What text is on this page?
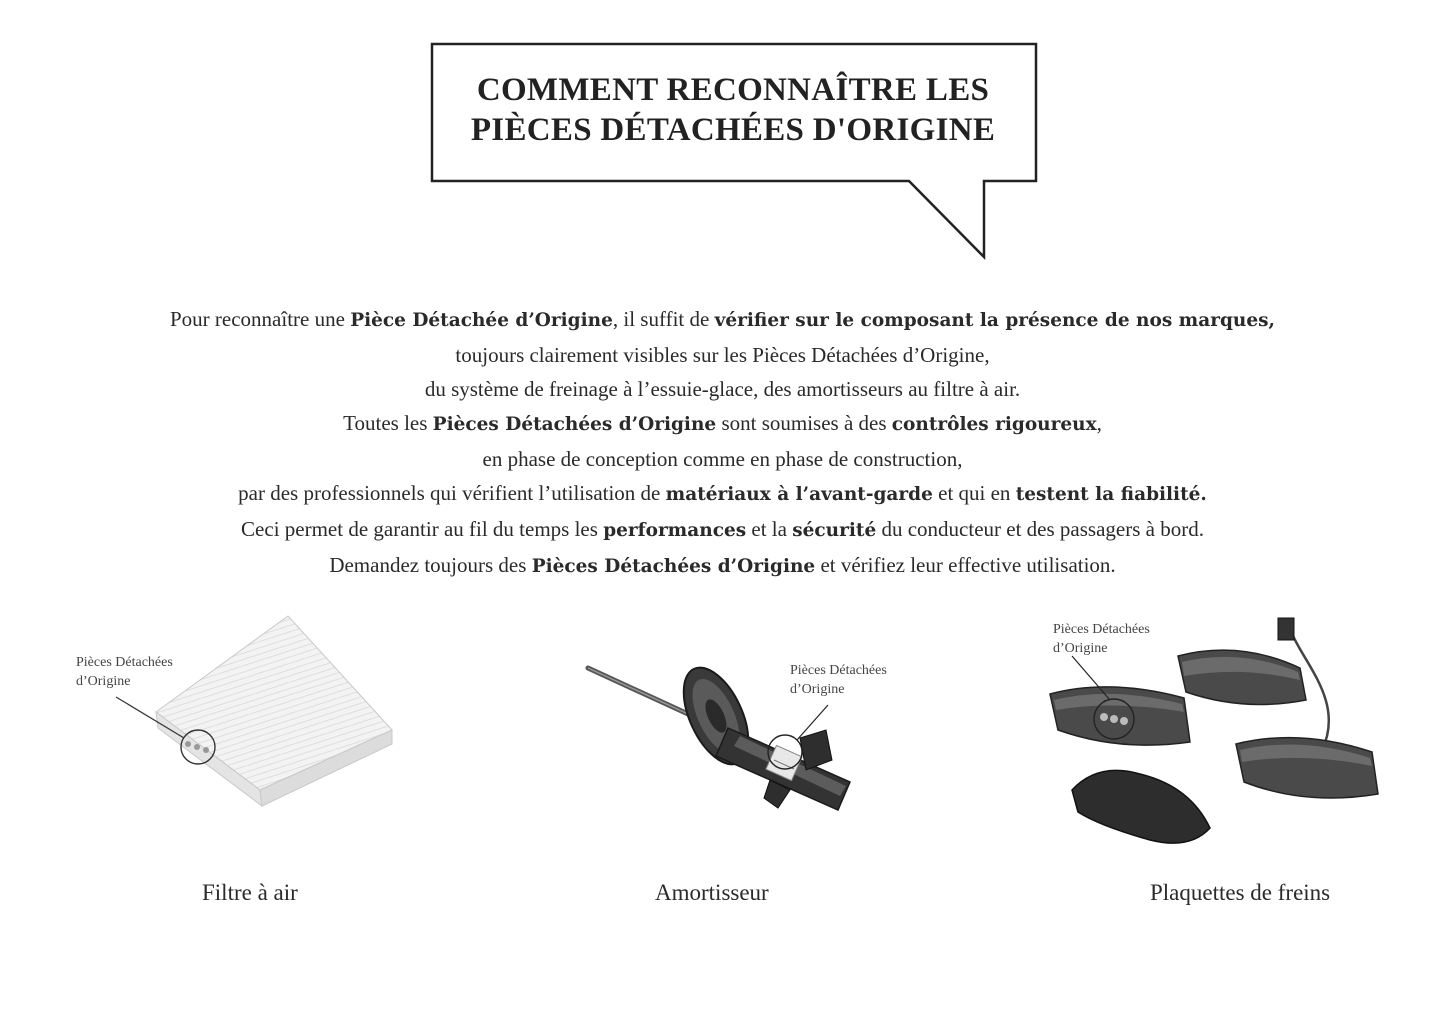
COMMENT RECONNAÎTRE LES
PIÈCES DÉTACHÉES D'ORIGINE
Pour reconnaître une Pièce Détachée d’Origine, il suffit de vérifier sur le composant la présence de nos marques,
toujours clairement visibles sur les Pièces Détachées d’Origine,
du système de freinage à l’essuie-glace, des amortisseurs au filtre à air.
Toutes les Pièces Détachées d’Origine sont soumises à des contrôles rigoureux,
en phase de conception comme en phase de construction,
par des professionnels qui vérifient l’utilisation de matériaux à l’avant-garde et qui en testent la fiabilité.
Ceci permet de garantir au fil du temps les performances et la sécurité du conducteur et des passagers à bord.
Demandez toujours des Pièces Détachées d’Origine et vérifiez leur effective utilisation.
Pièces Détachées
d’Origine
Filtre à air
Pièces Détachées
d’Origine
Amortisseur
Pièces Détachées
d’Origine
Plaquettes de freins
